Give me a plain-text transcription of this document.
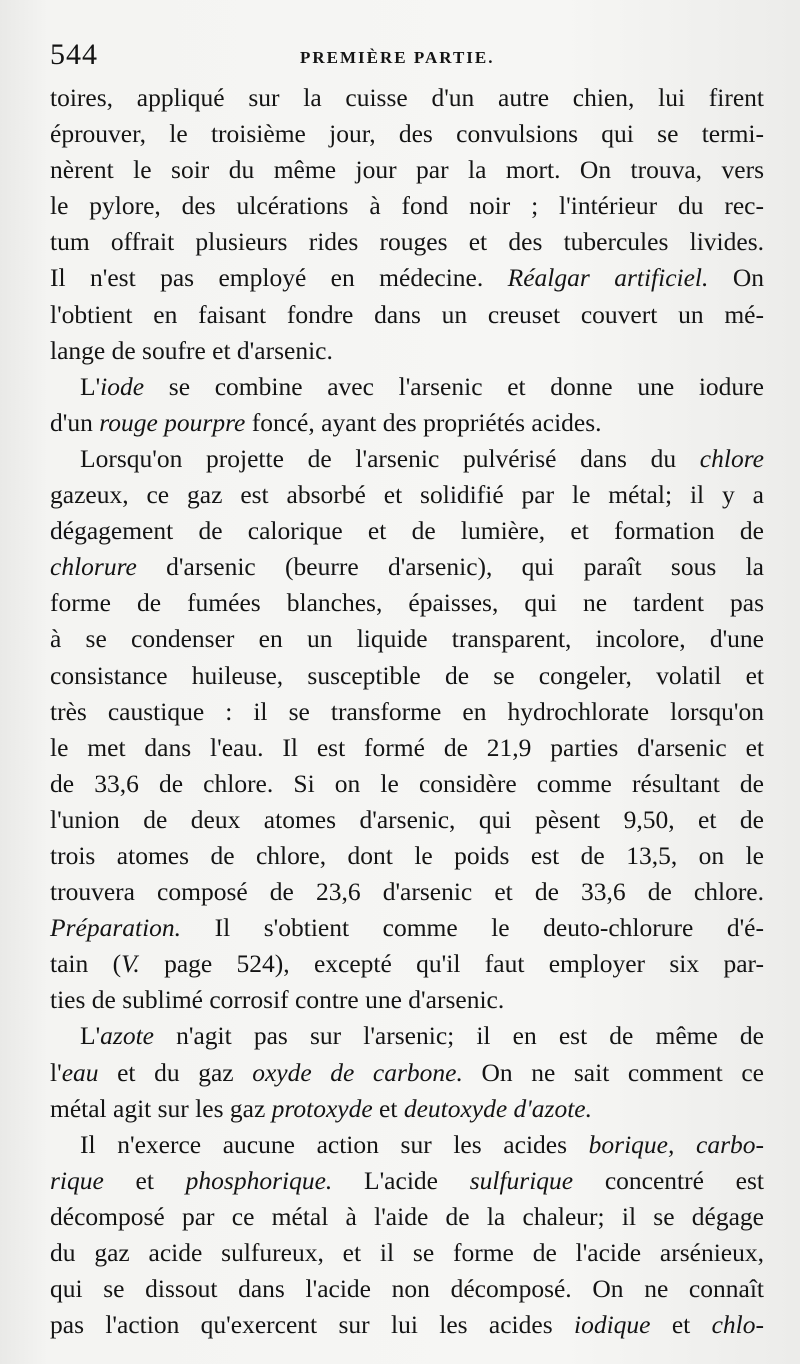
544	PREMIÈRE PARTIE.
toires, appliqué sur la cuisse d'un autre chien, lui firent
éprouver, le troisième jour, des convulsions qui se termi-
nèrent le soir du même jour par la mort. On trouva, vers
le pylore, des ulcérations à fond noir ; l'intérieur du rec-
tum offrait plusieurs rides rouges et des tubercules livides.
Il n'est pas employé en médecine. Réalgar artificiel. On
l'obtient en faisant fondre dans un creuset couvert un mé-
lange de soufre et d'arsenic.
L'iode se combine avec l'arsenic et donne une iodure
d'un rouge pourpre foncé, ayant des propriétés acides.
Lorsqu'on projette de l'arsenic pulvérisé dans du chlore
gazeux, ce gaz est absorbé et solidifié par le métal; il y a
dégagement de calorique et de lumière, et formation de
chlorure d'arsenic (beurre d'arsenic), qui paraît sous la
forme de fumées blanches, épaisses, qui ne tardent pas
à se condenser en un liquide transparent, incolore, d'une
consistance huileuse, susceptible de se congeler, volatil et
très caustique : il se transforme en hydrochlorate lorsqu'on
le met dans l'eau. Il est formé de 21,9 parties d'arsenic et
de 33,6 de chlore. Si on le considère comme résultant de
l'union de deux atomes d'arsenic, qui pèsent 9,50, et de
trois atomes de chlore, dont le poids est de 13,5, on le
trouvera composé de 23,6 d'arsenic et de 33,6 de chlore.
Préparation. Il s'obtient comme le deuto-chlorure d'é-
tain (V. page 524), excepté qu'il faut employer six par-
ties de sublimé corrosif contre une d'arsenic.
L'azote n'agit pas sur l'arsenic; il en est de même de
l'eau et du gaz oxyde de carbone. On ne sait comment ce
métal agit sur les gaz protoxyde et deutoxyde d'azote.
Il n'exerce aucune action sur les acides borique, carbo-
rique et phosphorique. L'acide sulfurique concentré est
décomposé par ce métal à l'aide de la chaleur; il se dégage
du gaz acide sulfureux, et il se forme de l'acide arsénieux,
qui se dissout dans l'acide non décomposé. On ne connaît
pas l'action qu'exercent sur lui les acides iodique et chlo-
